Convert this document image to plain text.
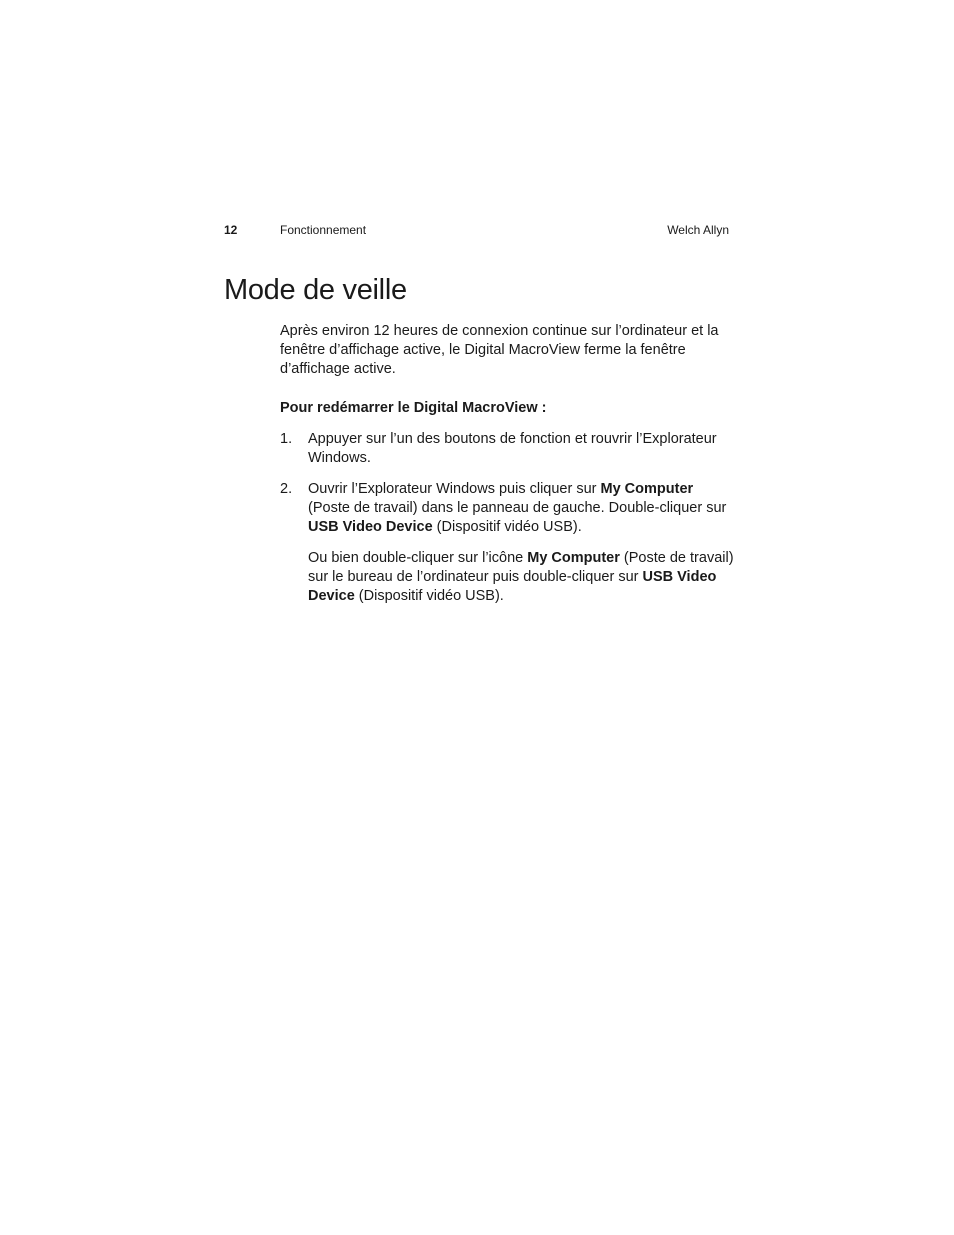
12	Fonctionnement	Welch Allyn
Mode de veille

Après environ 12 heures de connexion continue sur l’ordinateur et la fenêtre d’affichage active, le Digital MacroView ferme la fenêtre d’affichage active.

Pour redémarrer le Digital MacroView :

1. Appuyer sur l’un des boutons de fonction et rouvrir l’Explorateur Windows.

2. Ouvrir l’Explorateur Windows puis cliquer sur My Computer (Poste de travail) dans le panneau de gauche. Double-cliquer sur USB Video Device (Dispositif vidéo USB).

Ou bien double-cliquer sur l’icône My Computer (Poste de travail) sur le bureau de l’ordinateur puis double-cliquer sur USB Video Device (Dispositif vidéo USB).
